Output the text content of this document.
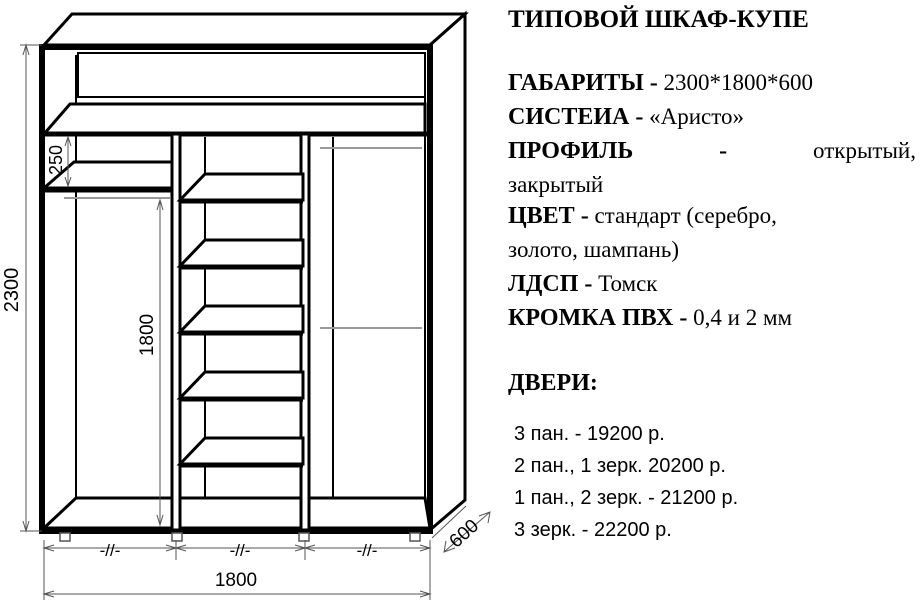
2300
1800
250
-//-	-//-	-//-
1800
600
ТИПОВОЙ ШКАФ-КУПЕ
ГАБАРИТЫ - 2300*1800*600
СИСТЕИА - «Аристо»
ПРОФИЛЬ	-	открытый,
закрытый
ЦВЕТ - стандарт (серебро,
золото, шампань)
ЛДСП - Томск
КРОМКА ПВХ - 0,4 и 2 мм
ДВЕРИ:
3 пан. - 19200 р.
2 пан., 1 зерк. 20200 р.
1 пан., 2 зерк. - 21200 р.
3 зерк. - 22200 р.
